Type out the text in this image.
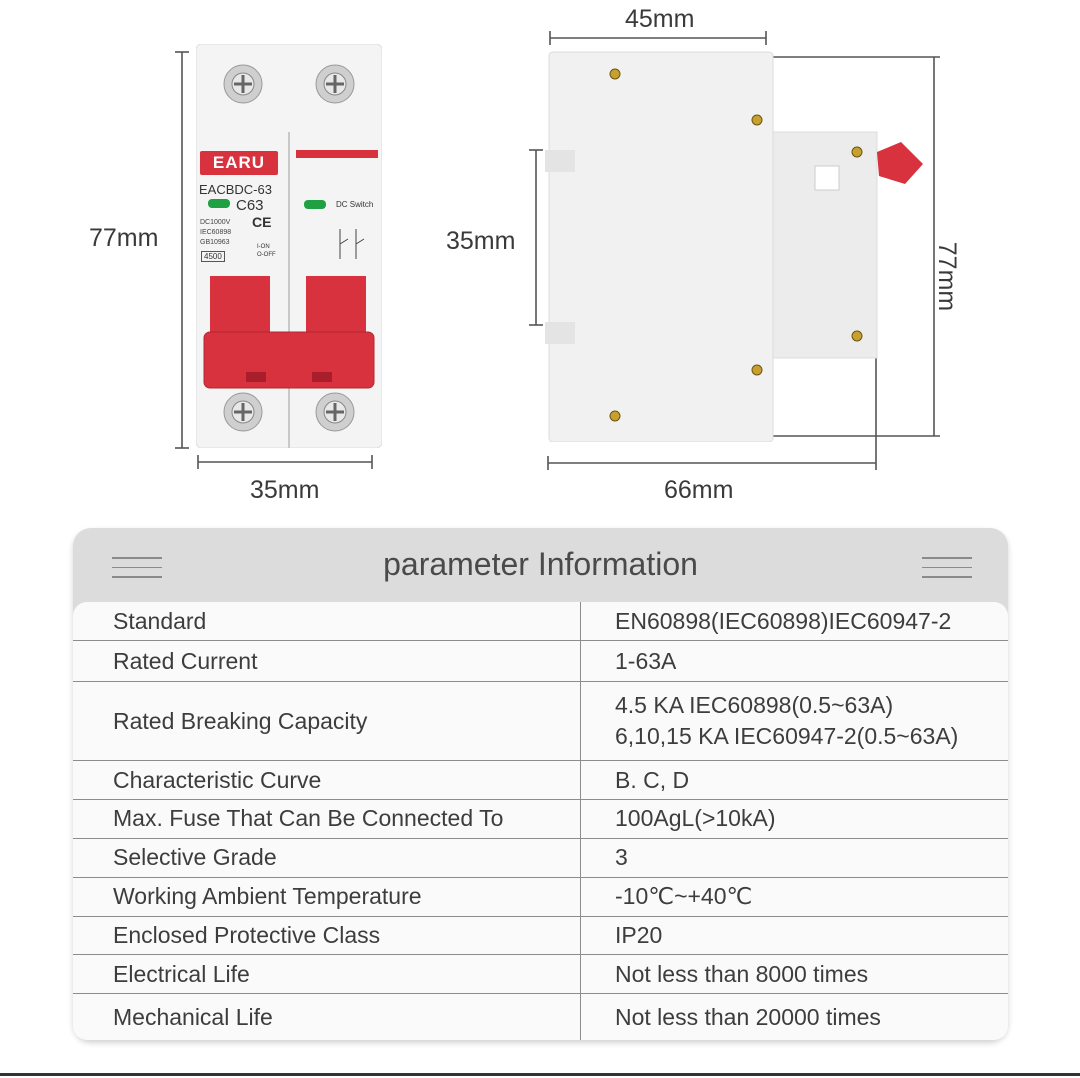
77mm
35mm
45mm
35mm
66mm
77mm
EARU
EACBDC-63
C63
DC1000V
IEC60898
GB10963
CE
4500
I-ON
O-OFF
DC Switch
parameter Information
Standard	EN60898(IEC60898)IEC60947-2
Rated Current	1-63A
Rated Breaking Capacity	4.5 KA IEC60898(0.5~63A)
6,10,15 KA IEC60947-2(0.5~63A)

Characteristic Curve	B. C, D
Max. Fuse That Can Be Connected To	100AgL(>10kA)
Selective Grade	3
Working Ambient Temperature	-10℃~+40℃
Enclosed Protective Class	IP20
Electrical Life	Not less than 8000 times
Mechanical Life	Not less than 20000 times
